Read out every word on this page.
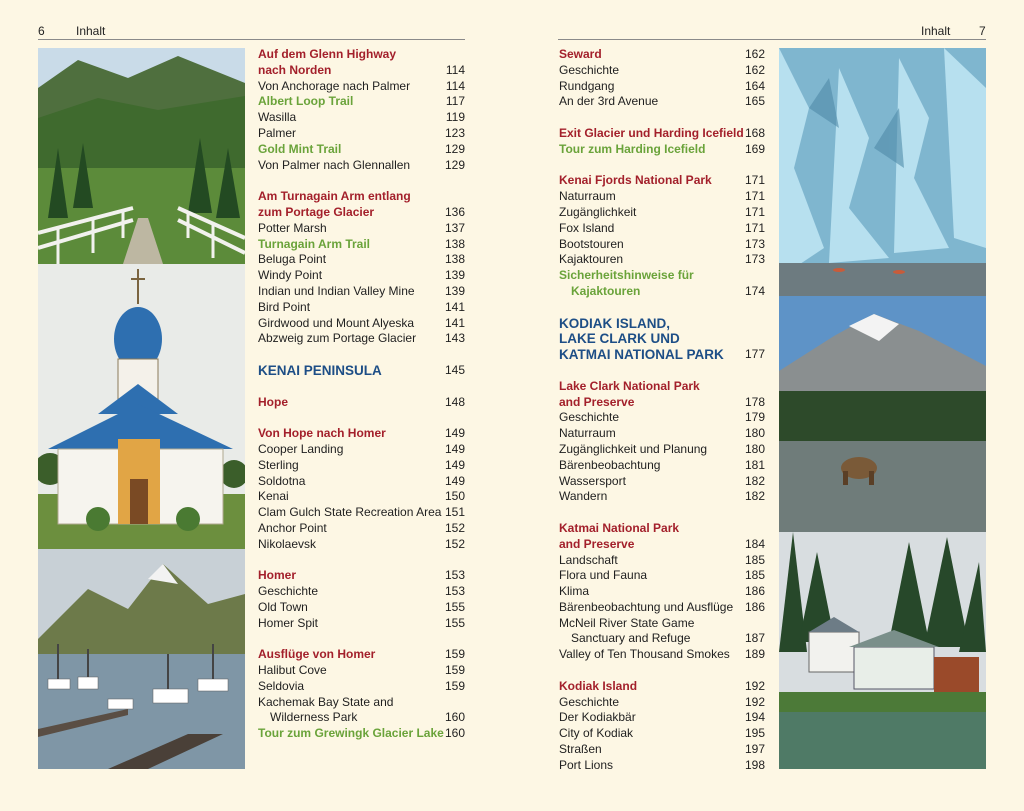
6	Inhalt
Auf dem Glenn Highway
nach Norden	114
Von Anchorage nach Palmer	114
Albert Loop Trail	117
Wasilla	119
Palmer	123
Gold Mint Trail	129
Von Palmer nach Glennallen	129
Am Turnagain Arm entlang
zum Portage Glacier	136
Potter Marsh	137
Turnagain Arm Trail	138
Beluga Point	138
Windy Point	139
Indian und Indian Valley Mine	139
Bird Point	141
Girdwood und Mount Alyeska	141
Abzweig zum Portage Glacier 143
KENAI PENINSULA	145
Hope	148
Von Hope nach Homer	149
Cooper Landing	149
Sterling	149
Soldotna	149
Kenai	150
Clam Gulch State Recreation Area 151
Anchor Point	152
Nikolaevsk	152
Homer	153
Geschichte	153
Old Town	155
Homer Spit	155
Ausflüge von Homer	159
Halibut Cove	159
Seldovia	159
Kachemak Bay State and
Wilderness Park	160
Tour zum Grewingk Glacier Lake 160
Inhalt 7
Seward	162
Geschichte	162
Rundgang	164
An der 3rd Avenue	165
Exit Glacier und Harding Icefield 168
Tour zum Harding Icefield	169
Kenai Fjords National Park	171
Naturraum	171
Zugänglichkeit	171
Fox Island	171
Bootstouren	173
Kajaktouren	173
Sicherheitshinweise für
Kajaktouren	174
KODIAK ISLAND,
LAKE CLARK UND
KATMAI NATIONAL PARK 177
Lake Clark National Park
and Preserve	178
Geschichte	179
Naturraum	180
Zugänglichkeit und Planung	180
Bärenbeobachtung	181
Wassersport	182
Wandern	182
Katmai National Park
and Preserve	184
Landschaft	185
Flora und Fauna	185
Klima	186
Bärenbeobachtung und Ausflüge 186
McNeil River State Game
Sanctuary and Refuge	187
Valley of Ten Thousand Smokes 189
Kodiak Island	192
Geschichte	192
Der Kodiakbär	194
City of Kodiak	195
Straßen	197
Port Lions	198
